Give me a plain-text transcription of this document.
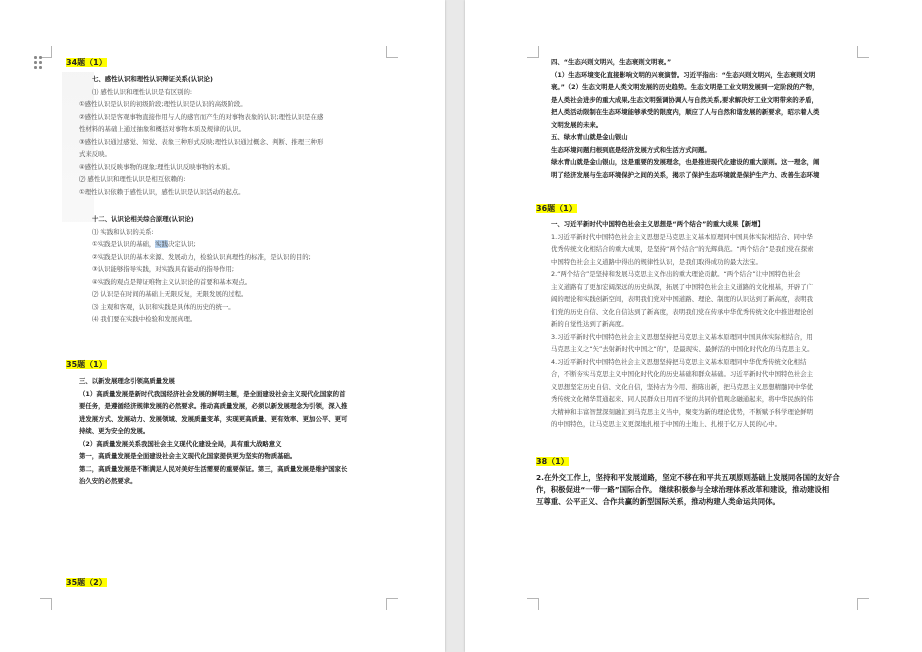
34题（1）

七、感性认识和理性认识辩证关系(认识论)

⑴ 感性认识和理性认识是有区别的:

①感性认识是认识的初级阶段;理性认识是认识的高级阶段。

②感性认识是客观事物直接作用与人的感官而产生的对事物表象的认识;理性认识是在感

性材料的基础上通过抽象和概括对事物本质及规律的认识。

③感性认识通过感觉、知觉、表象三种形式反映;理性认识通过概念、判断、推理三种形

式来反映。

④感性认识反映事物的现象;理性认识反映事物的本质。

⑵ 感性认识和理性认识是相互依赖的:

①理性认识依赖于感性认识，感性认识是认识活动的起点。

十二、认识论相关综合原理(认识论)

⑴ 实践和认识的关系:

①实践是认识的基础，实践决定认识;

②实践是认识的基本来源、发展动力，检验认识真理性的标准，是认识的目的;

③认识能够指导实践，对实践具有能动的指导作用;

④实践的观点是辩证唯物主义认识论的首要和基本观点。

⑵ 认识是在时间的基础上无限反复，无限发展的过程。

⑶ 主观和客观，认识和实践是具体的历史的统一。

⑷ 我们要在实践中检验和发展真理。

35题（1）

三、以新发展理念引领高质量发展

（1）高质量发展是新时代我国经济社会发展的鲜明主题，是全面建设社会主义现代化国家的首

要任务，是遵循经济规律发展的必然要求。推动高质量发展，必须以新发展理念为引领，深入推

进发展方式、发展动力、发展领域、发展质量变革，实现更高质量、更有效率、更加公平、更可

持续、更为安全的发展。

（2）高质量发展关系我国社会主义现代化建设全局，具有重大战略意义

第一，高质量发展是全面建设社会主义现代化国家提供更为坚实的物质基础。

第二，高质量发展是不断满足人民对美好生活需要的重要保证。第三，高质量发展是维护国家长

治久安的必然要求。

35题（2）

四、“生态兴则文明兴，生态衰则文明衰。”

（1）生态环境变化直接影响文明的兴衰演替。习近平指出：“生态兴则文明兴，生态衰则文明

衰。”（2）生态文明是人类文明发展的历史趋势。生态文明是工业文明发展到一定阶段的产物，

是人类社会进步的重大成果,生态文明强调协调人与自然关系,要求解决好工业文明带来的矛盾，

把人类活动限制在生态环境能够承受的限度内，顺应了人与自然和谐发展的新要求，昭示着人类

文明发展的未来。

五、绿水青山就是金山银山

生态环境问题归根到底是经济发展方式和生活方式问题。

绿水青山就是金山银山，这是重要的发展理念，也是推进现代化建设的重大原则。这一理念，阐

明了经济发展与生态环境保护之间的关系，揭示了保护生态环境就是保护生产力、改善生态环境

36题（1）

一、习近平新时代中国特色社会主义思想是“两个结合”的重大成果【新增】

1.习近平新时代中国特色社会主义思想是马克思主义基本原理同中国具体实际相结合、同中华

优秀传统文化相结合的重大成果，是坚持“两个结合”的光辉典范。“两个结合”是我们党在探索

中国特色社会主义道路中得出的规律性认识，是我们取得成功的最大法宝。

2.“两个结合”是坚持和发展马克思主义作出的重大理论贡献。“两个结合”让中国特色社会

主义道路有了更加宏阔深远的历史纵深，拓展了中国特色社会主义道路的文化根基，开辟了广

阔的理论和实践创新空间，表明我们党对中国道路、理论、制度的认识达到了新高度，表明我

们党的历史自信、文化自信达到了新高度，表明我们党在传承中华优秀传统文化中推进理论创

新的自觉性达到了新高度。

3.习近平新时代中国特色社会主义思想坚持把马克思主义基本原理同中国具体实际相结合，用

马克思主义之“矢”去射新时代中国之“的”，是最现实、最鲜活的中国化时代化的马克思主义。

4.习近平新时代中国特色社会主义思想坚持把马克思主义基本原理同中华优秀传统文化相结

合，不断夯实马克思主义中国化时代化的历史基础和群众基础。习近平新时代中国特色社会主

义思想坚定历史自信、文化自信，坚持古为今用、推陈出新，把马克思主义思想精髓同中华优

秀传统文化精华贯通起来、同人民群众日用而不觉的共同价值观念融通起来，将中华民族的伟

大精神和丰富智慧深刻融汇到马克思主义当中，聚变为新的理论优势，不断赋予科学理论鲜明

的中国特色，让马克思主义更深地扎根于中国的土地上、扎根于亿万人民的心中。

38（1）

2.在外交工作上，坚持和平发展道路，坚定不移在和平共五项原则基础上发展同各国的友好合

作，积极促进“一带一路”国际合作。 继续积极参与全球治理体系改革和建设，推动建设相

互尊重、公平正义、合作共赢的新型国际关系，推动构建人类命运共同体。
